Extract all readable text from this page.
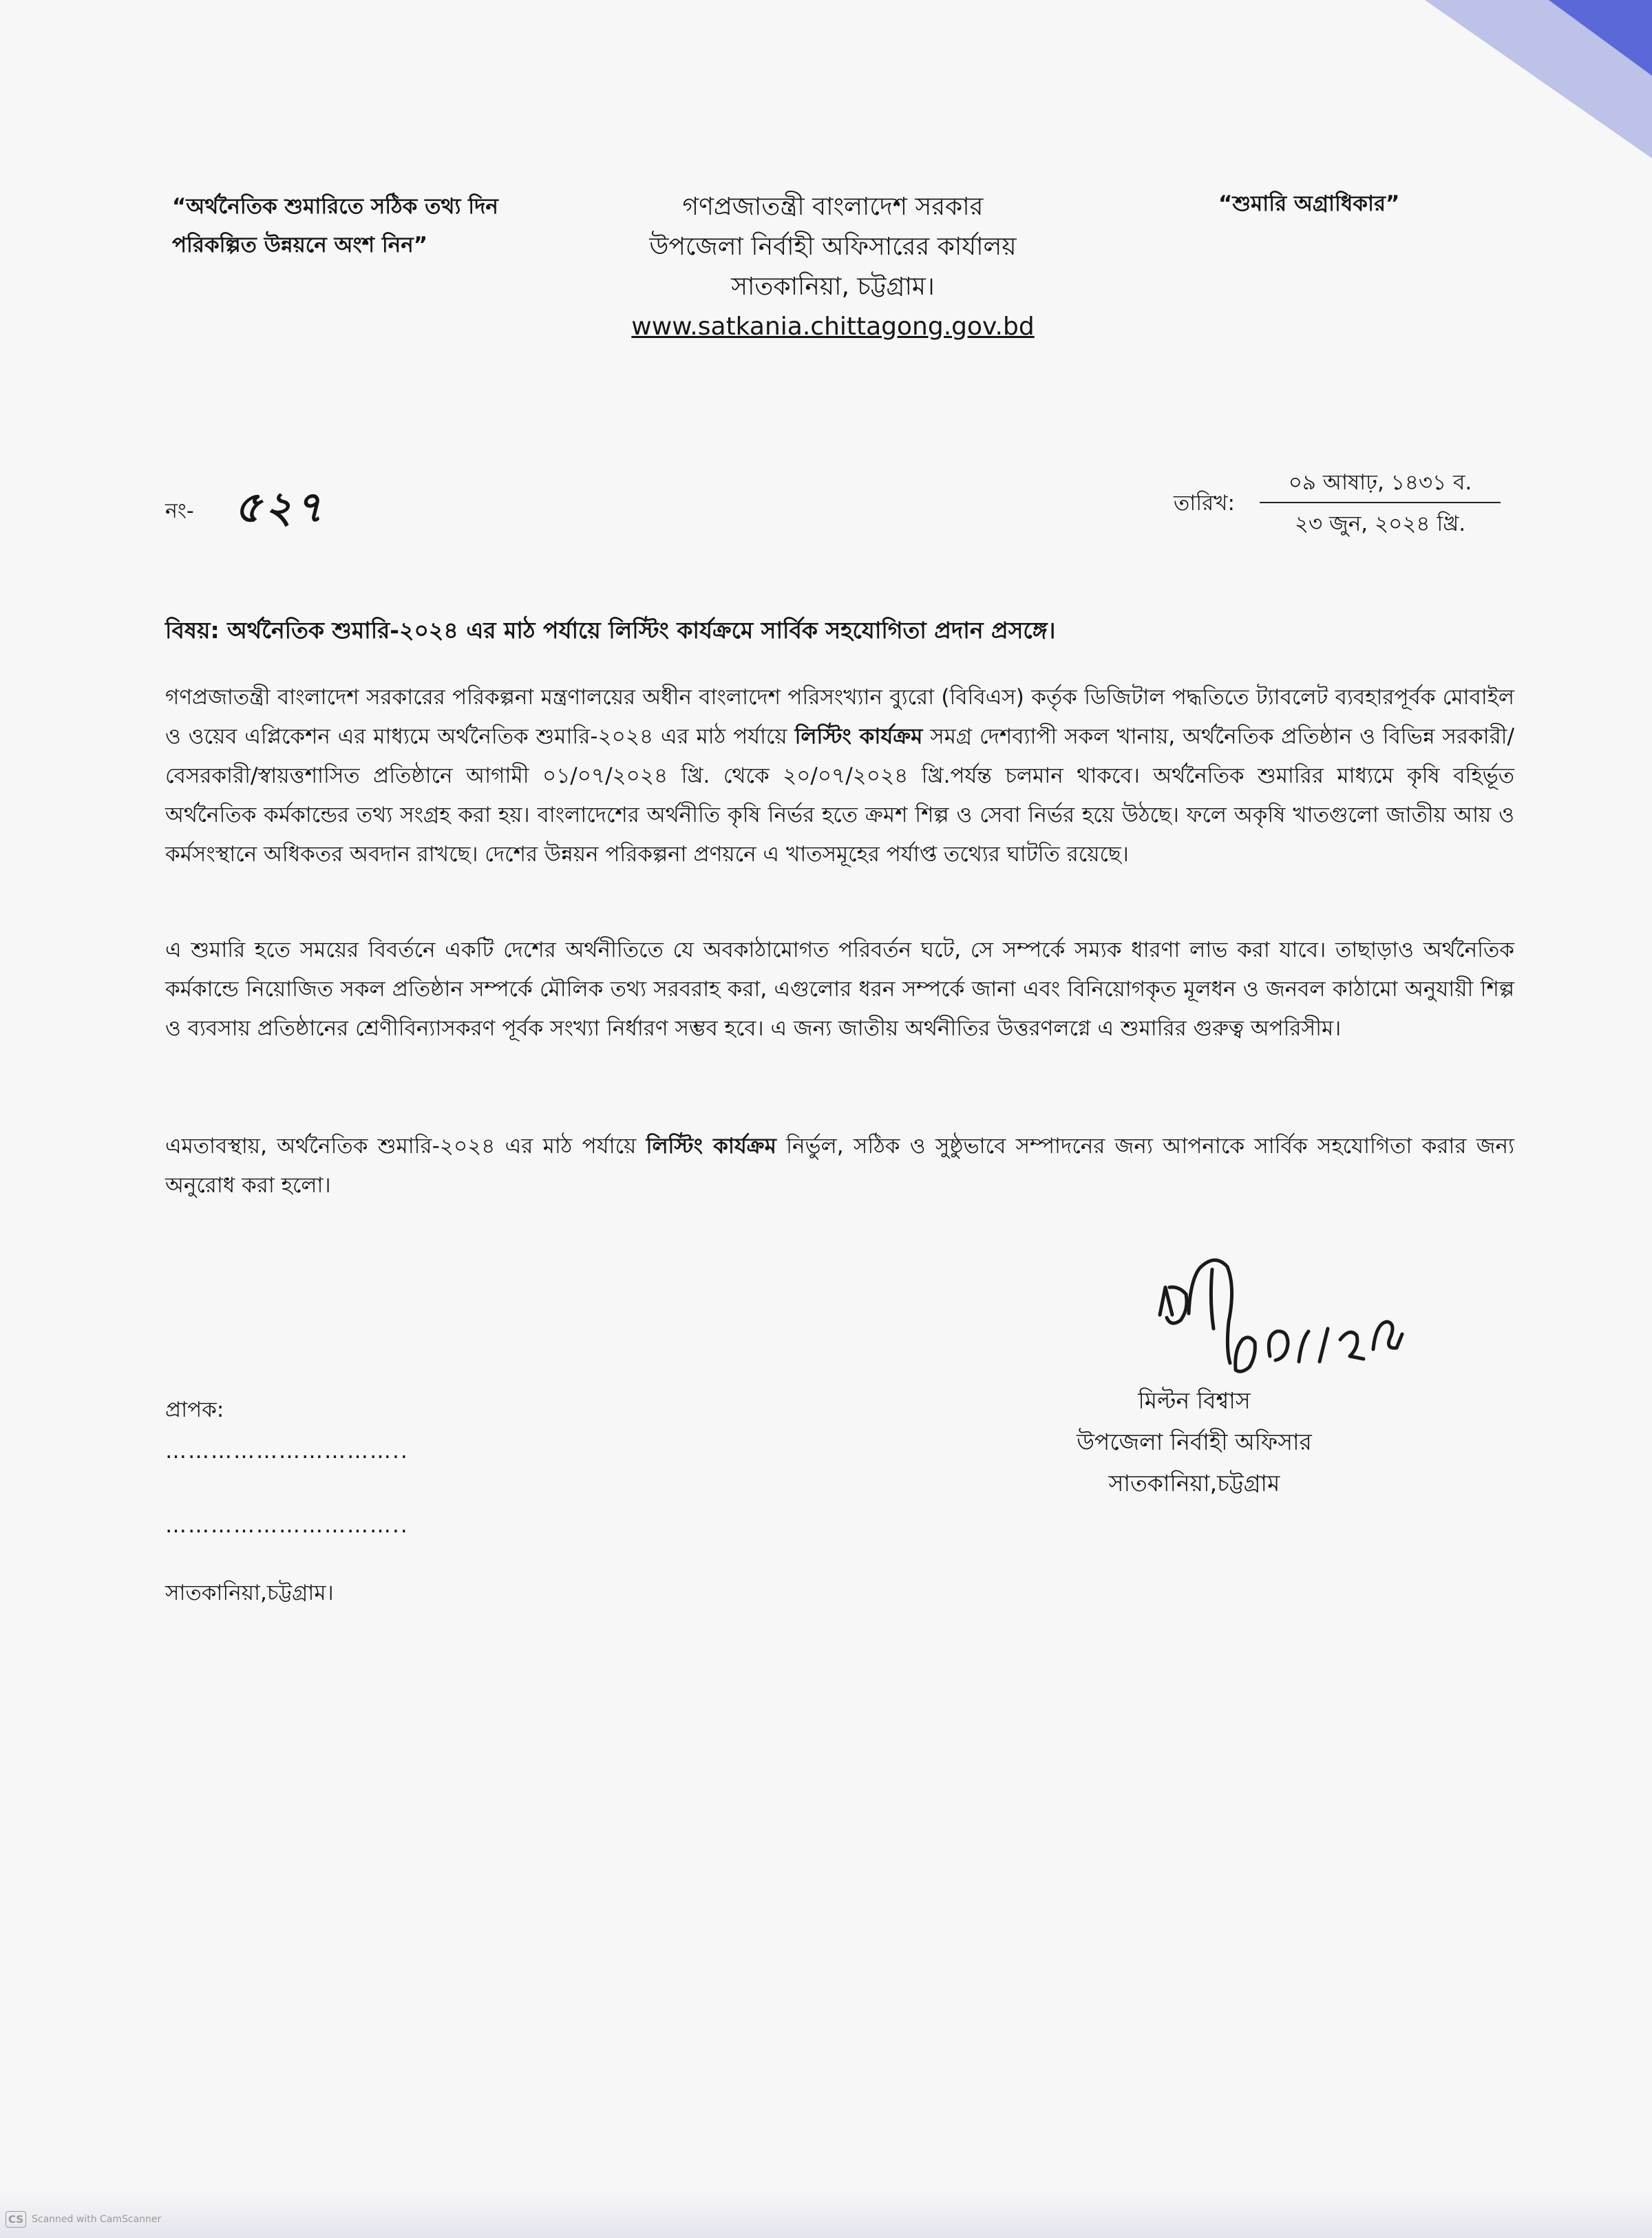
“অর্থনৈতিক শুমারিতে সঠিক তথ্য দিন
পরিকল্পিত উন্নয়নে অংশ নিন”
গণপ্রজাতন্ত্রী বাংলাদেশ সরকার
উপজেলা নির্বাহী অফিসারের কার্যালয়
সাতকানিয়া, চট্টগ্রাম।
www.satkania.chittagong.gov.bd
“শুমারি অগ্রাধিকার”
নং- ৫২৭	তারিখ:
০৯ আষাঢ়, ১৪৩১ ব.
২৩ জুন, ২০২৪ খ্রি.
বিষয়: অর্থনৈতিক শুমারি-২০২৪ এর মাঠ পর্যায়ে লিস্টিং কার্যক্রমে সার্বিক সহযোগিতা প্রদান প্রসঙ্গে।
গণপ্রজাতন্ত্রী বাংলাদেশ সরকারের পরিকল্পনা মন্ত্রণালয়ের অধীন বাংলাদেশ পরিসংখ্যান ব্যুরো (বিবিএস) কর্তৃক ডিজিটাল পদ্ধতিতে ট্যাবলেট ব্যবহারপূর্বক মোবাইল ও ওয়েব এপ্লিকেশন এর মাধ্যমে অর্থনৈতিক শুমারি-২০২৪ এর মাঠ পর্যায়ে লিস্টিং কার্যক্রম সমগ্র দেশব্যাপী সকল খানায়, অর্থনৈতিক প্রতিষ্ঠান ও বিভিন্ন সরকারী/বেসরকারী/স্বায়ত্তশাসিত প্রতিষ্ঠানে আগামী ০১/০৭/২০২৪ খ্রি. থেকে ২০/০৭/২০২৪ খ্রি.পর্যন্ত চলমান থাকবে। অর্থনৈতিক শুমারির মাধ্যমে কৃষি বহির্ভূত অর্থনৈতিক কর্মকান্ডের তথ্য সংগ্রহ করা হয়। বাংলাদেশের অর্থনীতি কৃষি নির্ভর হতে ক্রমশ শিল্প ও সেবা নির্ভর হয়ে উঠছে। ফলে অকৃষি খাতগুলো জাতীয় আয় ও কর্মসংস্থানে অধিকতর অবদান রাখছে। দেশের উন্নয়ন পরিকল্পনা প্রণয়নে এ খাতসমূহের পর্যাপ্ত তথ্যের ঘাটতি রয়েছে।
এ শুমারি হতে সময়ের বিবর্তনে একটি দেশের অর্থনীতিতে যে অবকাঠামোগত পরিবর্তন ঘটে, সে সম্পর্কে সম্যক ধারণা লাভ করা যাবে। তাছাড়াও অর্থনৈতিক কর্মকান্ডে নিয়োজিত সকল প্রতিষ্ঠান সম্পর্কে মৌলিক তথ্য সরবরাহ করা, এগুলোর ধরন সম্পর্কে জানা এবং বিনিয়োগকৃত মূলধন ও জনবল কাঠামো অনুযায়ী শিল্প ও ব্যবসায় প্রতিষ্ঠানের শ্রেণীবিন্যাসকরণ পূর্বক সংখ্যা নির্ধারণ সম্ভব হবে। এ জন্য জাতীয় অর্থনীতির উত্তরণলগ্নে এ শুমারির গুরুত্ব অপরিসীম।
এমতাবস্থায়, অর্থনৈতিক শুমারি-২০২৪ এর মাঠ পর্যায়ে লিস্টিং কার্যক্রম নির্ভুল, সঠিক ও সুষ্ঠুভাবে সম্পাদনের জন্য আপনাকে সার্বিক সহযোগিতা করার জন্য অনুরোধ করা হলো।
মিল্টন বিশ্বাস
উপজেলা নির্বাহী অফিসার
সাতকানিয়া,চট্টগ্রাম
প্রাপক:
…………………………..
…………………………..
সাতকানিয়া,চট্টগ্রাম।
CS Scanned with CamScanner
